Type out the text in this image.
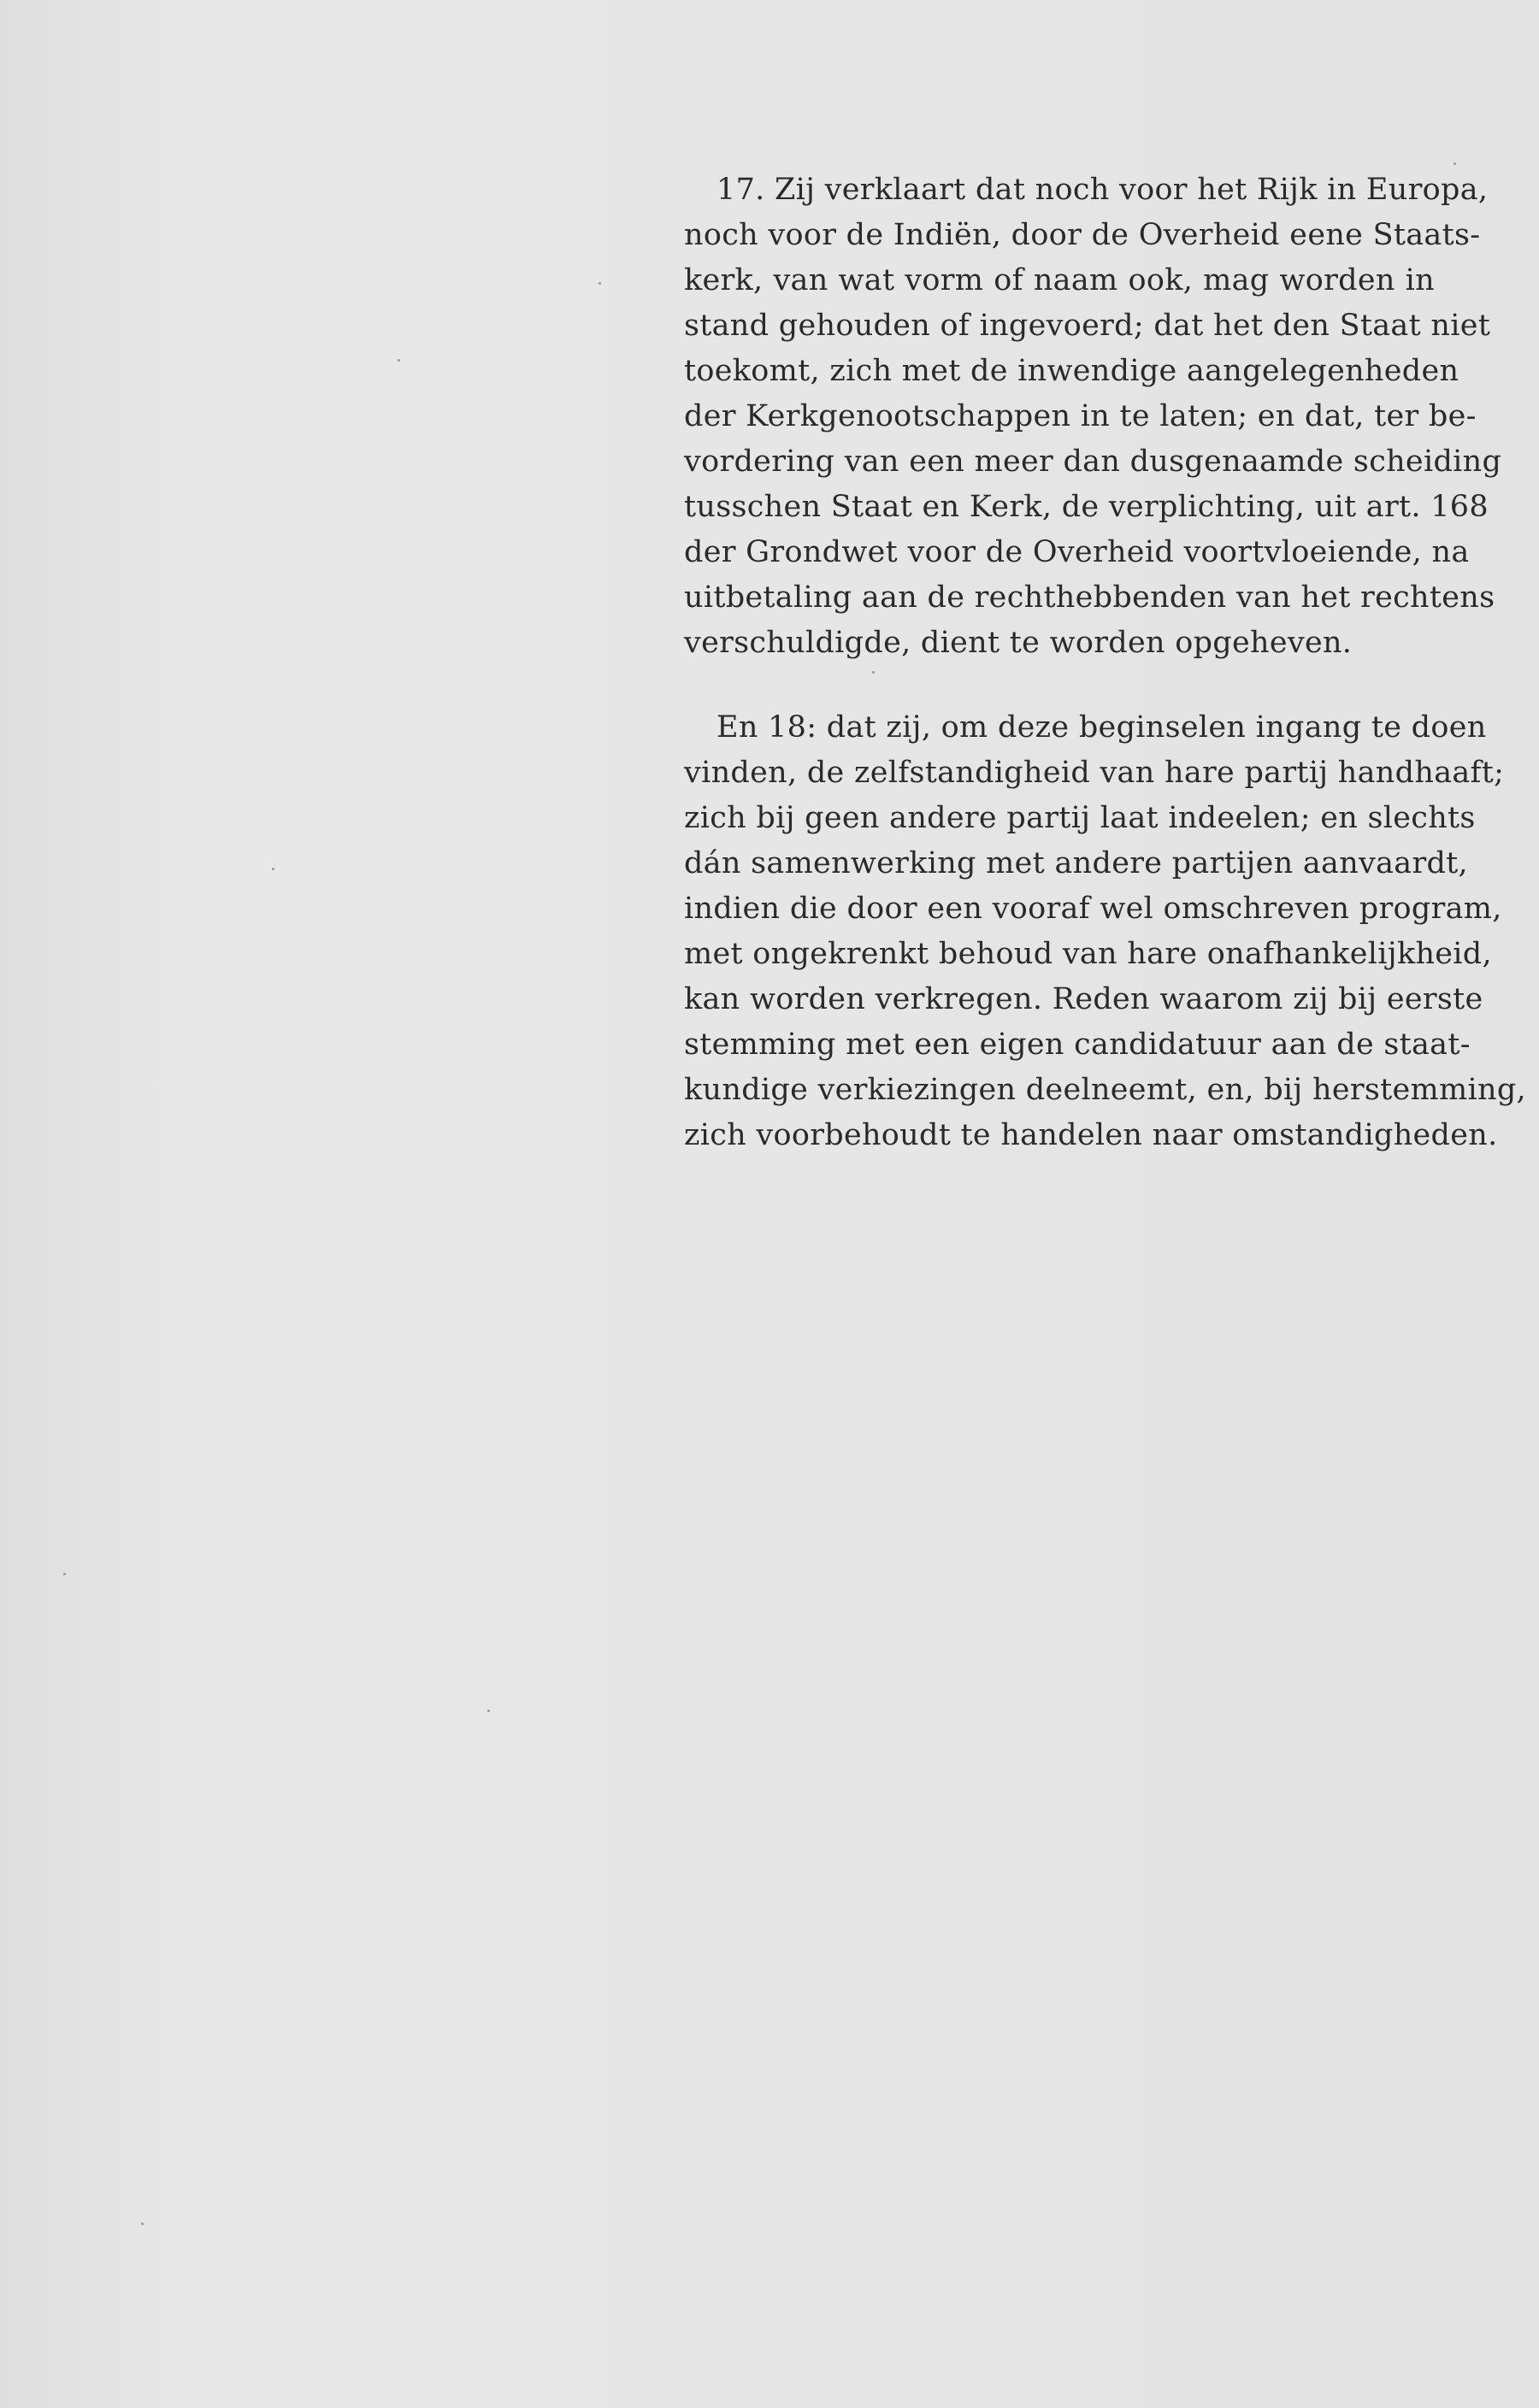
17. Zij verklaart dat noch voor het Rijk in Europa,
noch voor de Indiën, door de Overheid eene Staats-
kerk, van wat vorm of naam ook, mag worden in
stand gehouden of ingevoerd; dat het den Staat niet
toekomt, zich met de inwendige aangelegenheden
der Kerkgenootschappen in te laten; en dat, ter be-
vordering van een meer dan dusgenaamde scheiding
tusschen Staat en Kerk, de verplichting, uit art. 168
der Grondwet voor de Overheid voortvloeiende, na
uitbetaling aan de rechthebbenden van het rechtens
verschuldigde, dient te worden opgeheven.
En 18: dat zij, om deze beginselen ingang te doen
vinden, de zelfstandigheid van hare partij handhaaft;
zich bij geen andere partij laat indeelen; en slechts
dán samenwerking met andere partijen aanvaardt,
indien die door een vooraf wel omschreven program,
met ongekrenkt behoud van hare onafhankelijkheid,
kan worden verkregen. Reden waarom zij bij eerste
stemming met een eigen candidatuur aan de staat-
kundige verkiezingen deelneemt, en, bij herstemming,
zich voorbehoudt te handelen naar omstandigheden.
